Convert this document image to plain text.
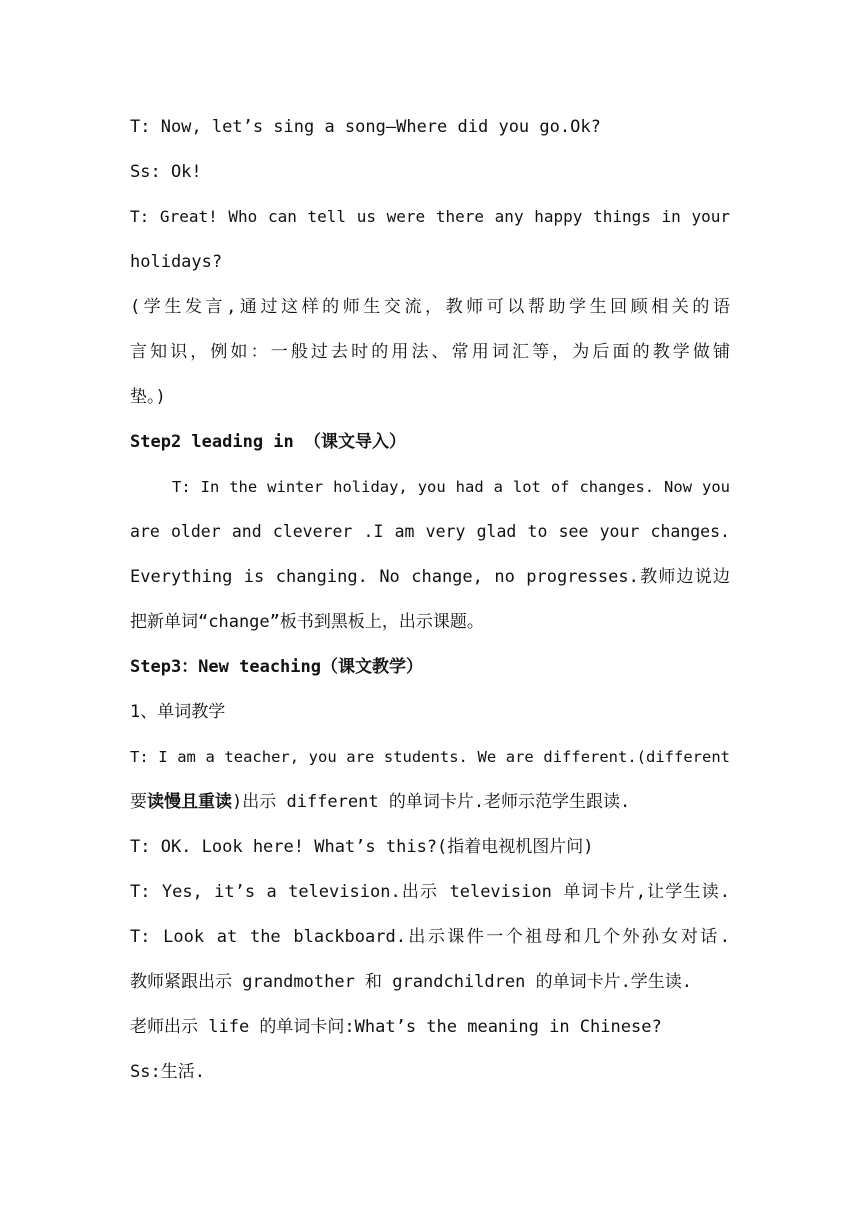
T: Now, let’s sing a song—Where did you go.Ok?
Ss: Ok!
T: Great! Who can tell us were there any happy things in your
holidays?
(学生发言,通过这样的师生交流，教师可以帮助学生回顾相关的语
言知识，例如：一般过去时的用法、常用词汇等，为后面的教学做铺
垫。)
Step2 leading in （课文导入）
T: In the winter holiday, you had a lot of changes. Now you
are older and cleverer .I am very glad to see your changes.
Everything is changing. No change, no progresses.教师边说边
把新单词“change”板书到黑板上，出示课题。
Step3：New teaching（课文教学）
1、单词教学
T: I am a teacher, you are students. We are different.(different
要读慢且重读)出示 different 的单词卡片.老师示范学生跟读.
T: OK. Look here! What’s this?(指着电视机图片问)
T: Yes, it’s a television.出示 television 单词卡片,让学生读.
T: Look at the blackboard.出示课件一个祖母和几个外孙女对话.
教师紧跟出示 grandmother 和 grandchildren 的单词卡片.学生读.
老师出示 life 的单词卡问:What’s the meaning in Chinese?
Ss:生活.
